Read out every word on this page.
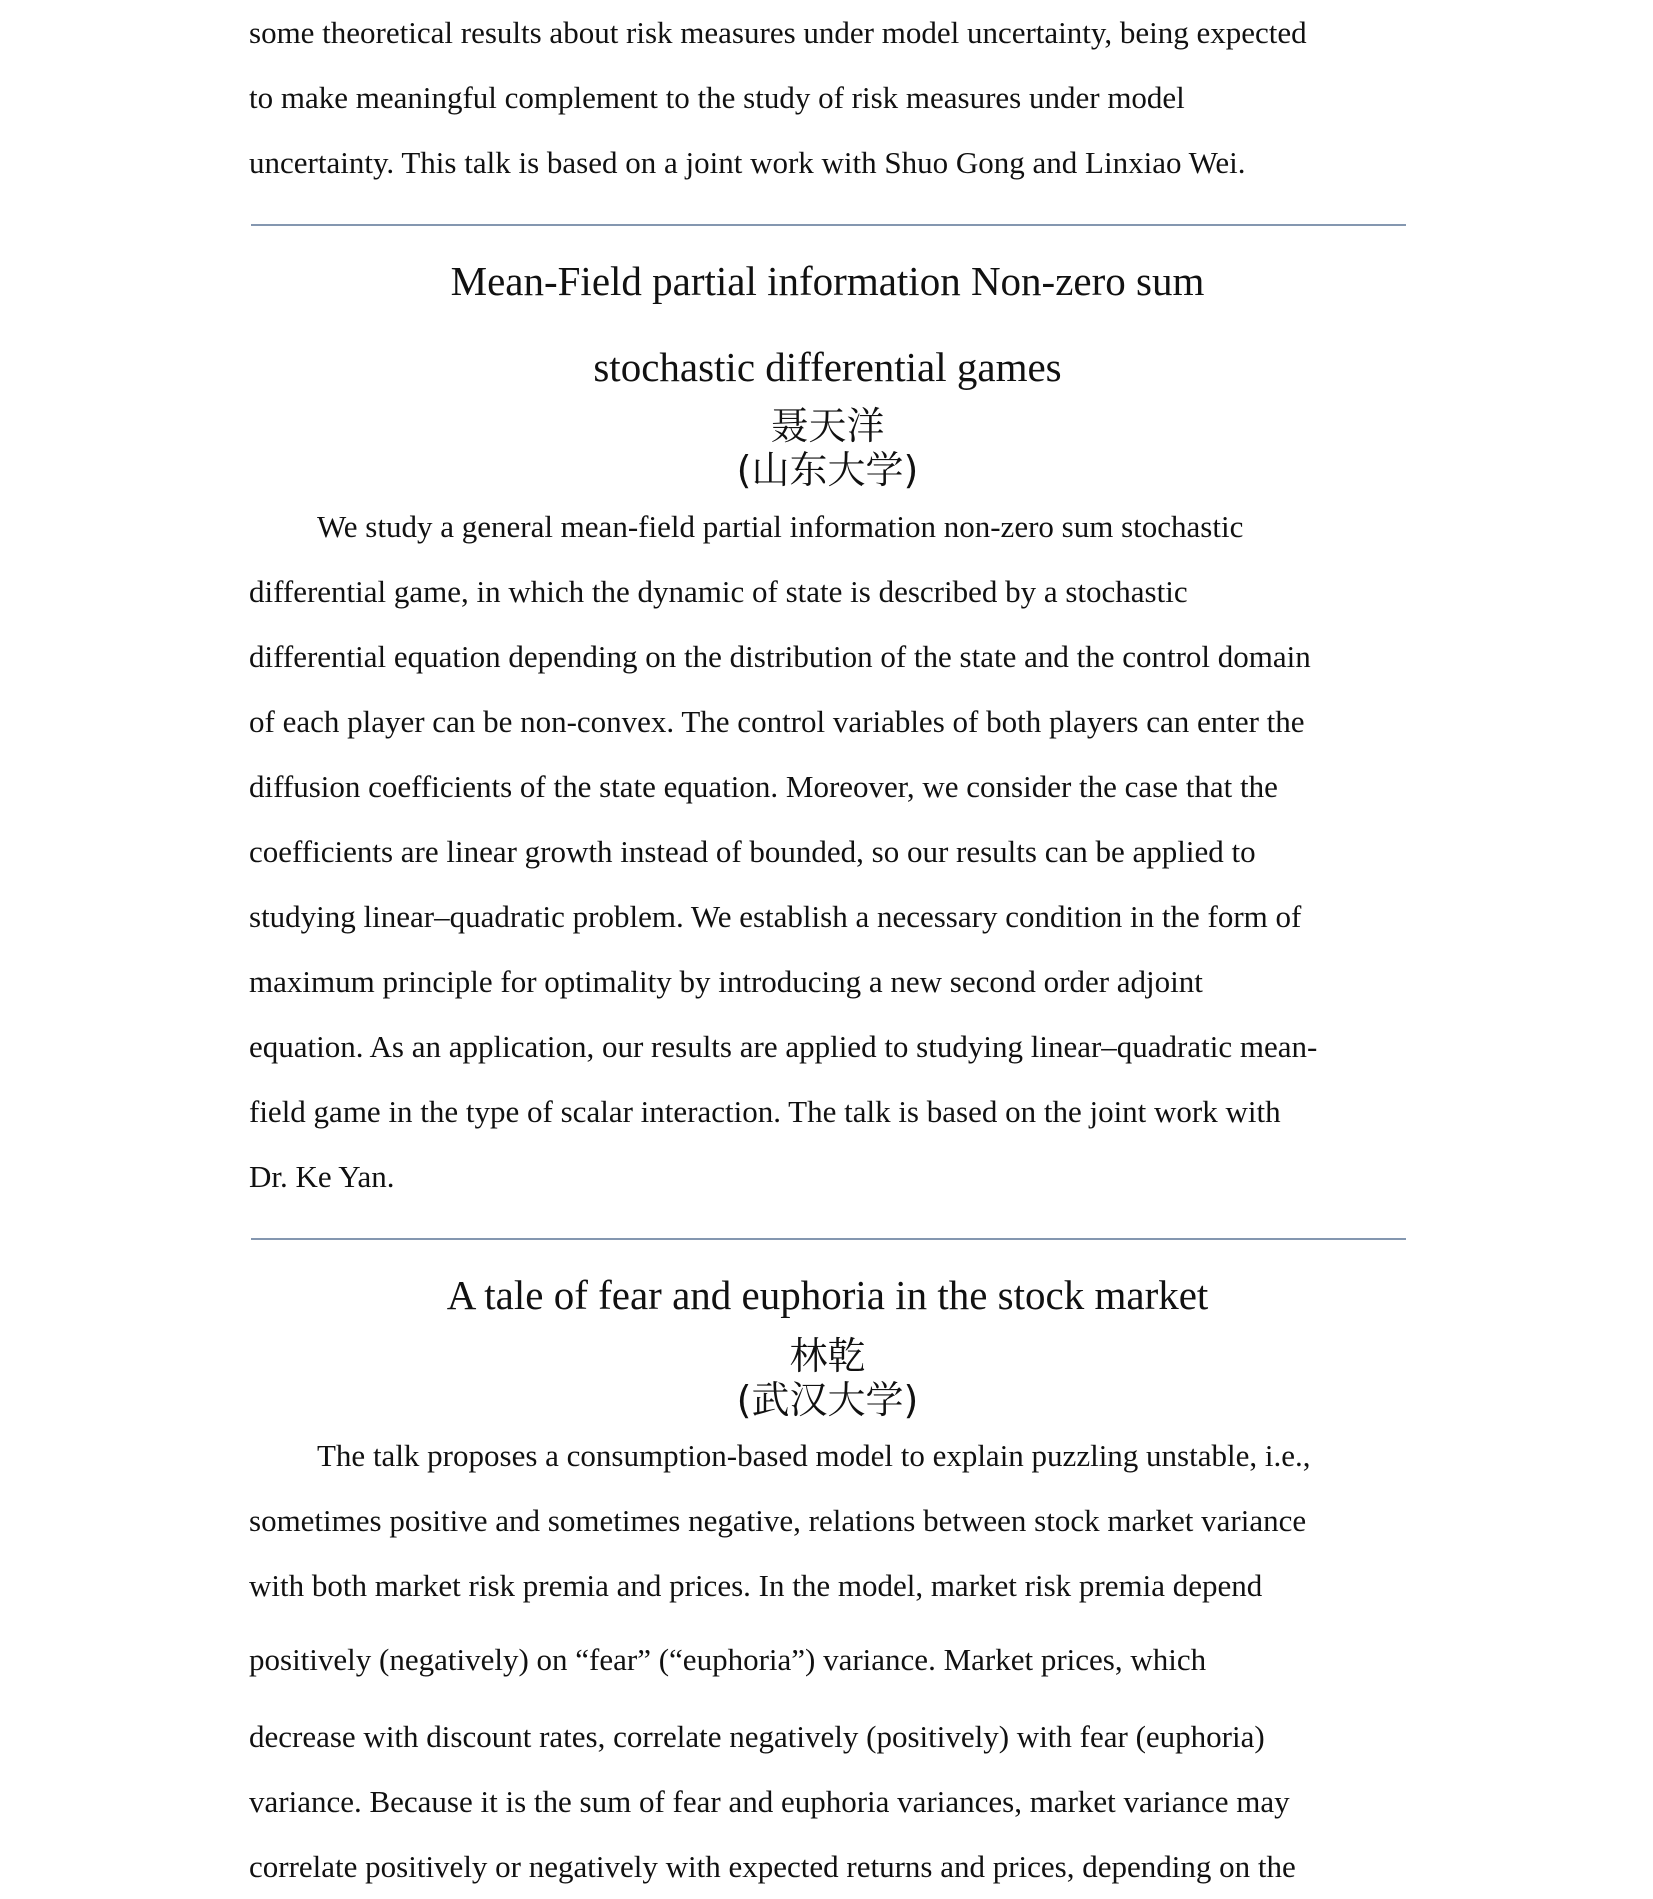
some theoretical results about risk measures under model uncertainty, being expected
to make meaningful complement to the study of risk measures under model
uncertainty. This talk is based on a joint work with Shuo Gong and Linxiao Wei.
Mean-Field partial information Non-zero sum
stochastic differential games
聂天洋
(山东大学)
We study a general mean-field partial information non-zero sum stochastic
differential game, in which the dynamic of state is described by a stochastic
differential equation depending on the distribution of the state and the control domain
of each player can be non-convex. The control variables of both players can enter the
diffusion coefficients of the state equation. Moreover, we consider the case that the
coefficients are linear growth instead of bounded, so our results can be applied to
studying linear–quadratic problem. We establish a necessary condition in the form of
maximum principle for optimality by introducing a new second order adjoint
equation. As an application, our results are applied to studying linear–quadratic mean-
field game in the type of scalar interaction. The talk is based on the joint work with
Dr. Ke Yan.
A tale of fear and euphoria in the stock market
林乾
(武汉大学)
The talk proposes a consumption-based model to explain puzzling unstable, i.e.,
sometimes positive and sometimes negative, relations between stock market variance
with both market risk premia and prices. In the model, market risk premia depend
positively (negatively) on “fear” (“euphoria”) variance. Market prices, which
decrease with discount rates, correlate negatively (positively) with fear (euphoria)
variance. Because it is the sum of fear and euphoria variances, market variance may
correlate positively or negatively with expected returns and prices, depending on the
